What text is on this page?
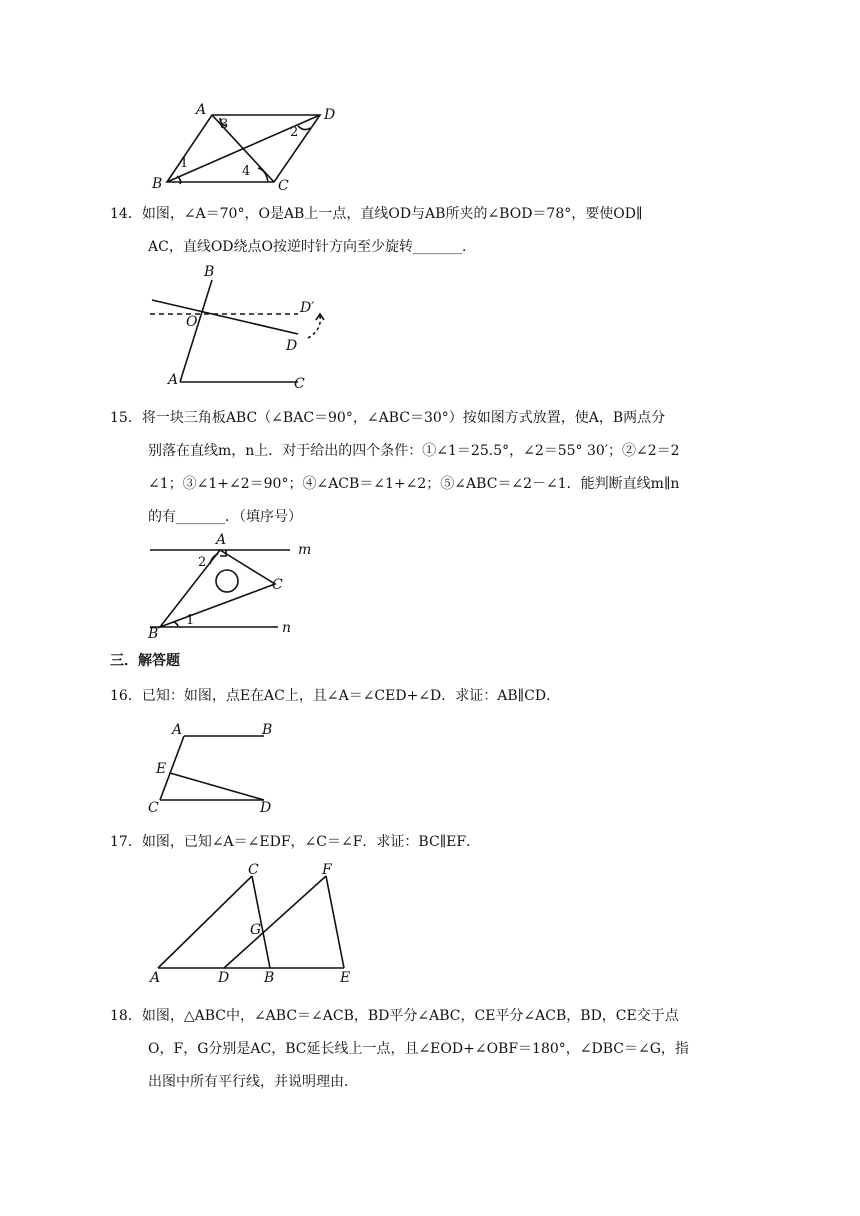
A
B	C
D
1
2
3
4
14．如图，∠A＝70°，O是AB上一点，直线OD与AB所夹的∠BOD＝78°，要使OD∥
AC，直线OD绕点O按逆时针方向至少旋转_______．
B
O
A	C
D
D′
15．将一块三角板ABC（∠BAC＝90°，∠ABC＝30°）按如图方式放置，使A，B两点分
别落在直线m，n上．对于给出的四个条件：①∠1＝25.5°，∠2＝55° 30′；②∠2＝2
∠1；③∠1+∠2＝90°；④∠ACB＝∠1+∠2；⑤∠ABC＝∠2－∠1．能判断直线m∥n
的有_______．（填序号）
A
B
C
m
n
1
2
三．解答题
16．已知：如图，点E在AC上，且∠A＝∠CED+∠D．求证：AB∥CD．
A	B
E
C	D
17．如图，已知∠A＝∠EDF，∠C＝∠F．求证：BC∥EF．
A	D B	E
C	F
G
18．如图，△ABC中，∠ABC＝∠ACB，BD平分∠ABC，CE平分∠ACB，BD，CE交于点
O，F，G分别是AC，BC延长线上一点，且∠EOD+∠OBF＝180°，∠DBC＝∠G，指
出图中所有平行线，并说明理由．
